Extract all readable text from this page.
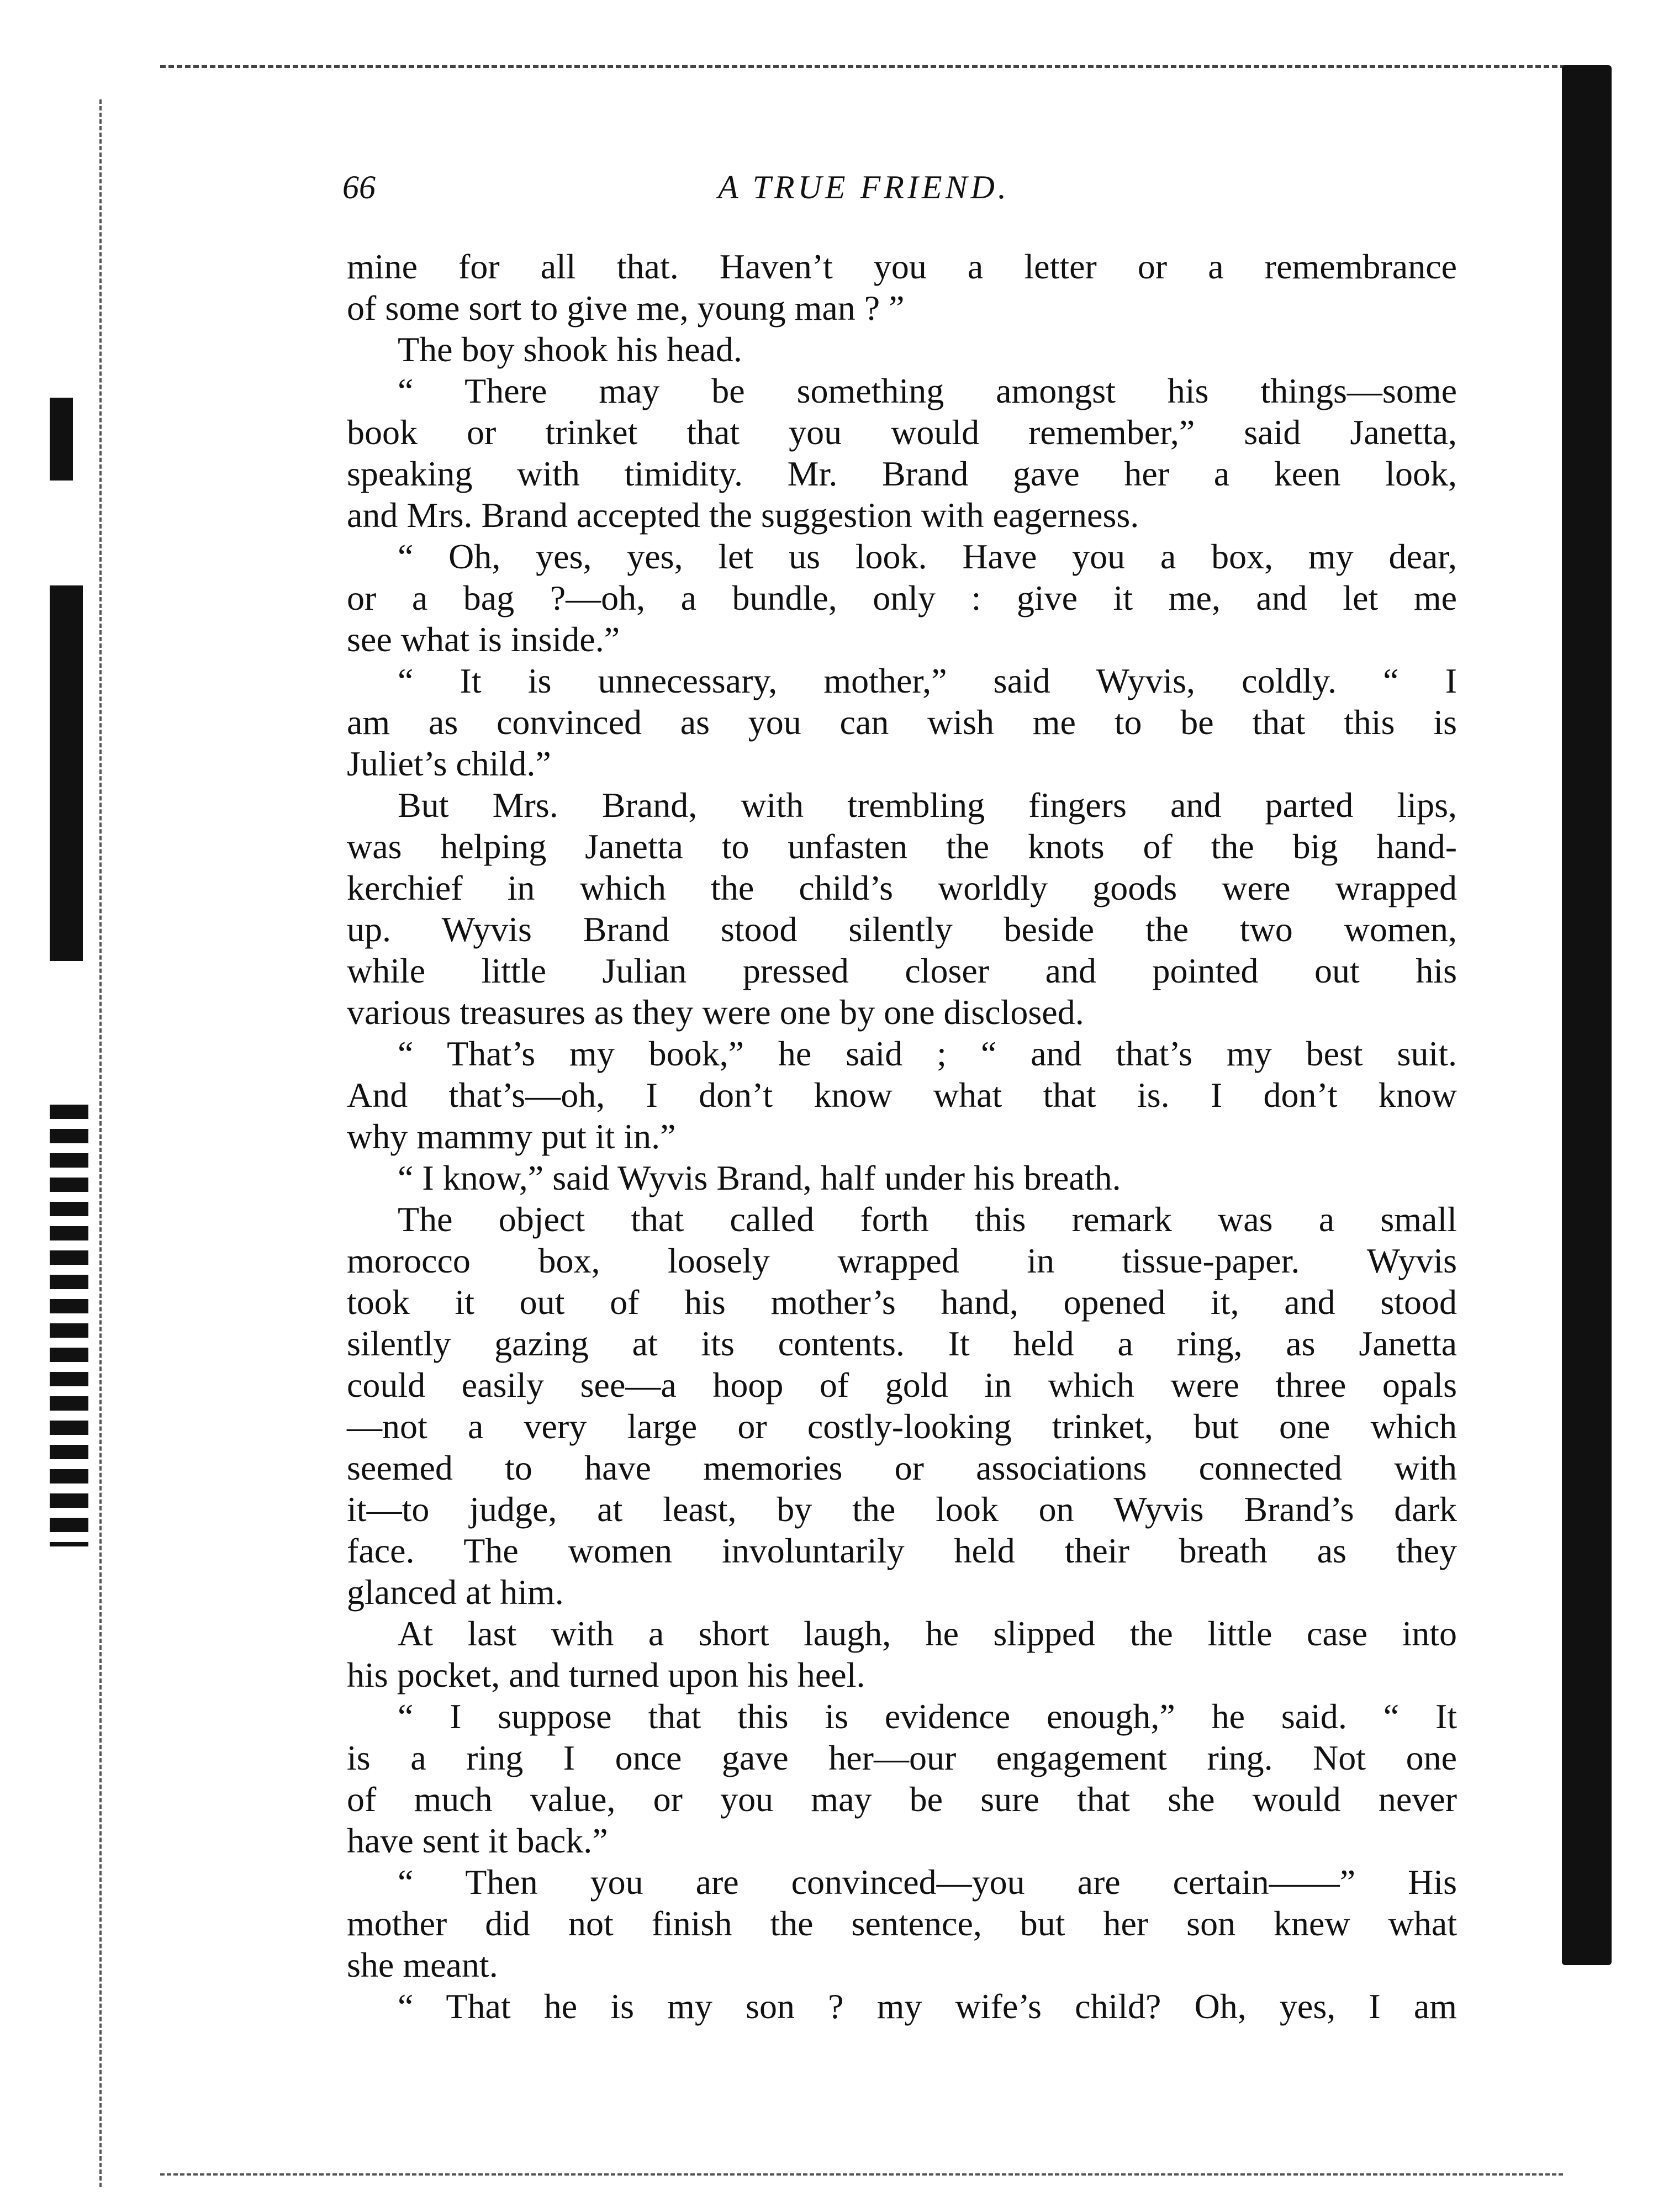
66	A TRUE FRIEND.
mine for all that. Haven’t you a letter or a remembrance
of some sort to give me, young man ? ”
The boy shook his head.
“ There may be something amongst his things—some
book or trinket that you would remember,” said Janetta,
speaking with timidity. Mr. Brand gave her a keen look,
and Mrs. Brand accepted the suggestion with eagerness.
“ Oh, yes, yes, let us look. Have you a box, my dear,
or a bag ?—oh, a bundle, only : give it me, and let me
see what is inside.”
“ It is unnecessary, mother,” said Wyvis, coldly. “ I
am as convinced as you can wish me to be that this is
Juliet’s child.”
But Mrs. Brand, with trembling fingers and parted lips,
was helping Janetta to unfasten the knots of the big hand-
kerchief in which the child’s worldly goods were wrapped
up. Wyvis Brand stood silently beside the two women,
while little Julian pressed closer and pointed out his
various treasures as they were one by one disclosed.
“ That’s my book,” he said ; “ and that’s my best suit.
And that’s—oh, I don’t know what that is. I don’t know
why mammy put it in.”
“ I know,” said Wyvis Brand, half under his breath.
The object that called forth this remark was a small
morocco box, loosely wrapped in tissue-paper. Wyvis
took it out of his mother’s hand, opened it, and stood
silently gazing at its contents. It held a ring, as Janetta
could easily see—a hoop of gold in which were three opals
—not a very large or costly-looking trinket, but one which
seemed to have memories or associations connected with
it—to judge, at least, by the look on Wyvis Brand’s dark
face. The women involuntarily held their breath as they
glanced at him.
At last with a short laugh, he slipped the little case into
his pocket, and turned upon his heel.
“ I suppose that this is evidence enough,” he said. “ It
is a ring I once gave her—our engagement ring. Not one
of much value, or you may be sure that she would never
have sent it back.”
“ Then you are convinced—you are certain——” His
mother did not finish the sentence, but her son knew what
she meant.
“ That he is my son ? my wife’s child? Oh, yes, I am
